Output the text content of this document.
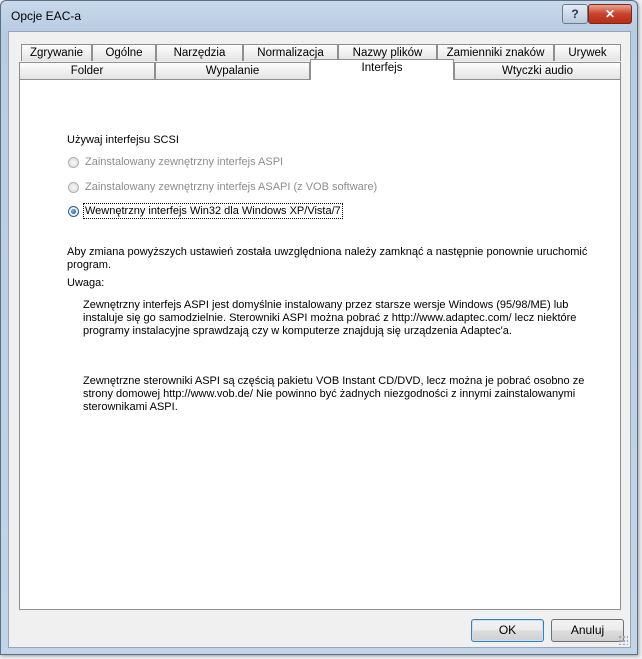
Opcje EAC-a	? ✕
Zgrywanie	Ogólne	Narzędzia	Normalizacja	Nazwy plików	Zamienniki znaków	Urywek
Folder	Wypalanie	Interfejs	Wtyczki audio
Używaj interfejsu SCSI
Zainstalowany zewnętrzny interfejs ASPI
Zainstalowany zewnętrzny interfejs ASAPI (z VOB software)
Wewnętrzny interfejs Win32 dla Windows XP/Vista/7
Aby zmiana powyższych ustawień została uwzględniona należy zamknąć a następnie ponownie uruchomić
program.
Uwaga:
Zewnętrzny interfejs ASPI jest domyślnie instalowany przez starsze wersje Windows (95/98/ME) lub
instaluje się go samodzielnie. Sterowniki ASPI można pobrać z http://www.adaptec.com/ lecz niektóre
programy instalacyjne sprawdzają czy w komputerze znajdują się urządzenia Adaptec'a.
Zewnętrzne sterowniki ASPI są częścią pakietu VOB Instant CD/DVD, lecz można je pobrać osobno ze
strony domowej http://www.vob.de/ Nie powinno być żadnych niezgodności z innymi zainstalowanymi
sterownikami ASPI.
OK	Anuluj
